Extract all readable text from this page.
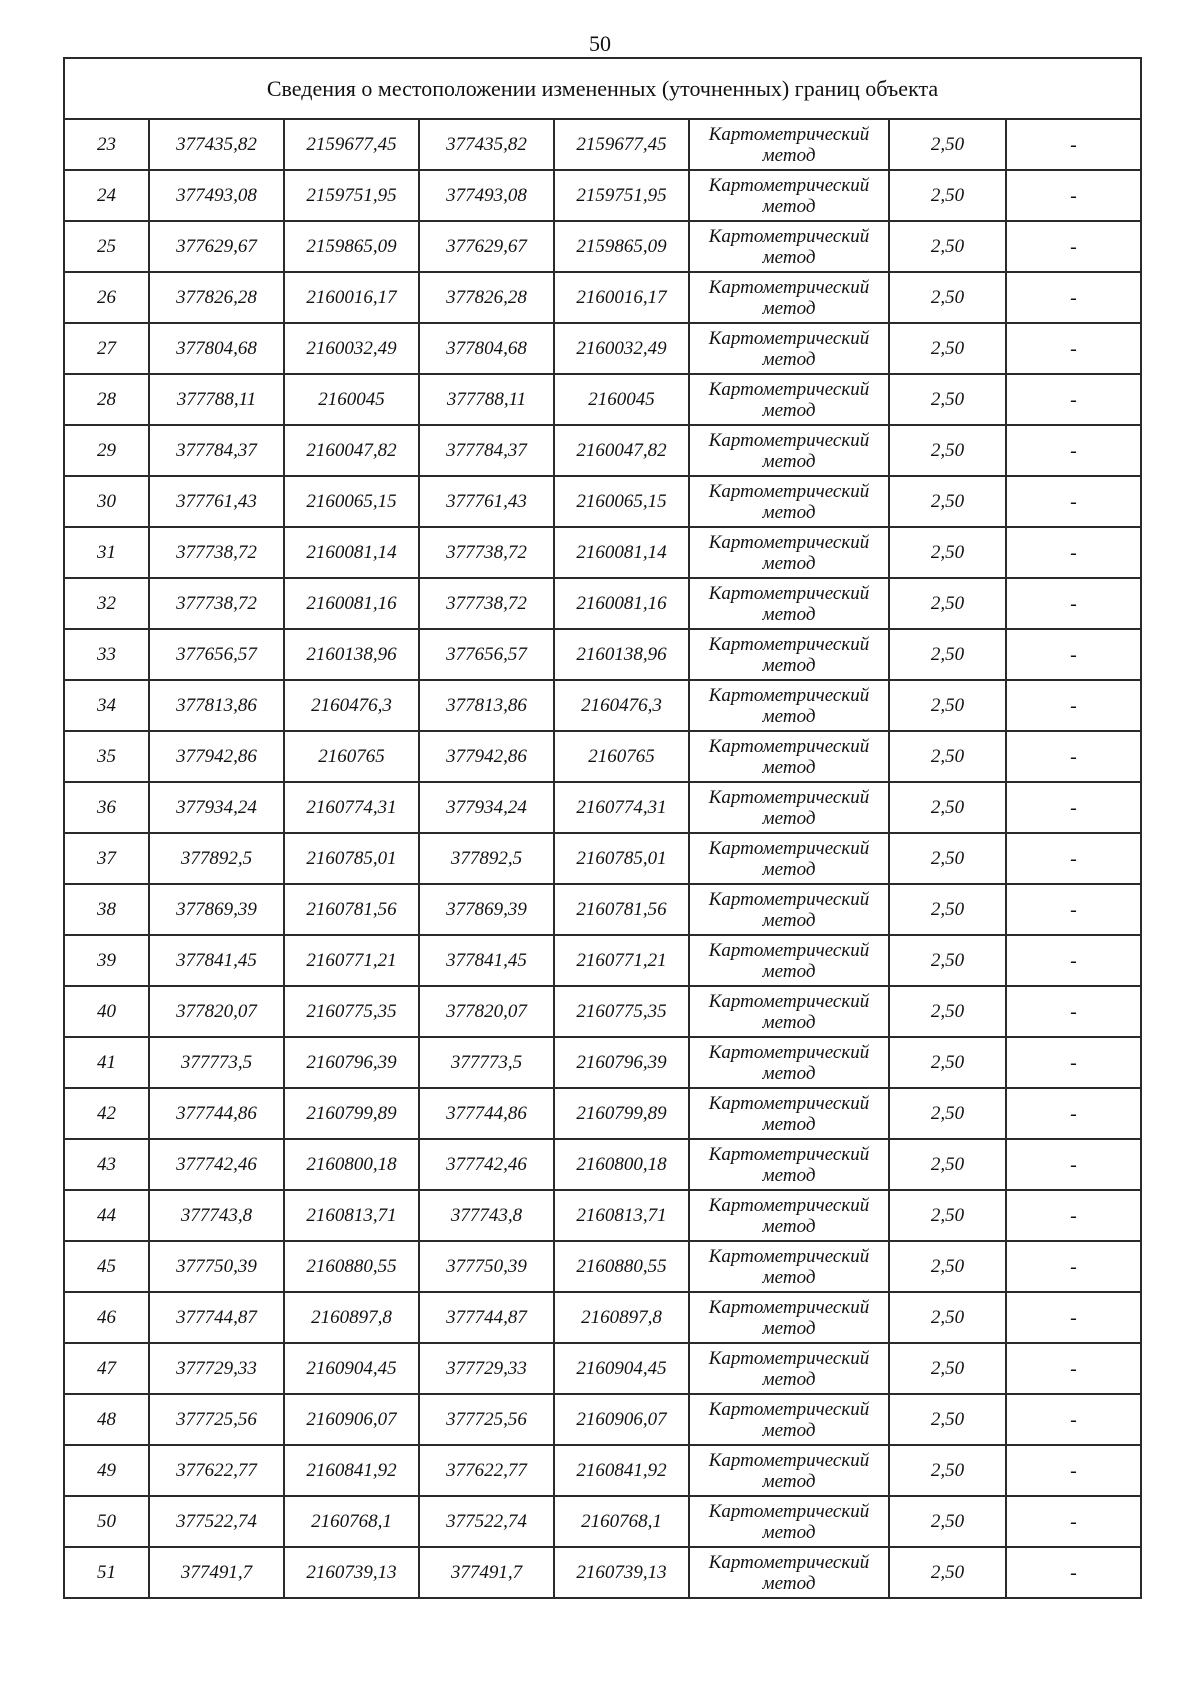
50
Сведения о местоположении измененных (уточненных) границ объекта							
23	377435,82	2159677,45	377435,82	2159677,45	Картометрический метод	2,50	-
24	377493,08	2159751,95	377493,08	2159751,95	Картометрический метод	2,50	-
25	377629,67	2159865,09	377629,67	2159865,09	Картометрический метод	2,50	-
26	377826,28	2160016,17	377826,28	2160016,17	Картометрический метод	2,50	-
27	377804,68	2160032,49	377804,68	2160032,49	Картометрический метод	2,50	-
28	377788,11	2160045	377788,11	2160045	Картометрический метод	2,50	-
29	377784,37	2160047,82	377784,37	2160047,82	Картометрический метод	2,50	-
30	377761,43	2160065,15	377761,43	2160065,15	Картометрический метод	2,50	-
31	377738,72	2160081,14	377738,72	2160081,14	Картометрический метод	2,50	-
32	377738,72	2160081,16	377738,72	2160081,16	Картометрический метод	2,50	-
33	377656,57	2160138,96	377656,57	2160138,96	Картометрический метод	2,50	-
34	377813,86	2160476,3	377813,86	2160476,3	Картометрический метод	2,50	-
35	377942,86	2160765	377942,86	2160765	Картометрический метод	2,50	-
36	377934,24	2160774,31	377934,24	2160774,31	Картометрический метод	2,50	-
37	377892,5	2160785,01	377892,5	2160785,01	Картометрический метод	2,50	-
38	377869,39	2160781,56	377869,39	2160781,56	Картометрический метод	2,50	-
39	377841,45	2160771,21	377841,45	2160771,21	Картометрический метод	2,50	-
40	377820,07	2160775,35	377820,07	2160775,35	Картометрический метод	2,50	-
41	377773,5	2160796,39	377773,5	2160796,39	Картометрический метод	2,50	-
42	377744,86	2160799,89	377744,86	2160799,89	Картометрический метод	2,50	-
43	377742,46	2160800,18	377742,46	2160800,18	Картометрический метод	2,50	-
44	377743,8	2160813,71	377743,8	2160813,71	Картометрический метод	2,50	-
45	377750,39	2160880,55	377750,39	2160880,55	Картометрический метод	2,50	-
46	377744,87	2160897,8	377744,87	2160897,8	Картометрический метод	2,50	-
47	377729,33	2160904,45	377729,33	2160904,45	Картометрический метод	2,50	-
48	377725,56	2160906,07	377725,56	2160906,07	Картометрический метод	2,50	-
49	377622,77	2160841,92	377622,77	2160841,92	Картометрический метод	2,50	-
50	377522,74	2160768,1	377522,74	2160768,1	Картометрический метод	2,50	-
51	377491,7	2160739,13	377491,7	2160739,13	Картометрический метод	2,50	-
